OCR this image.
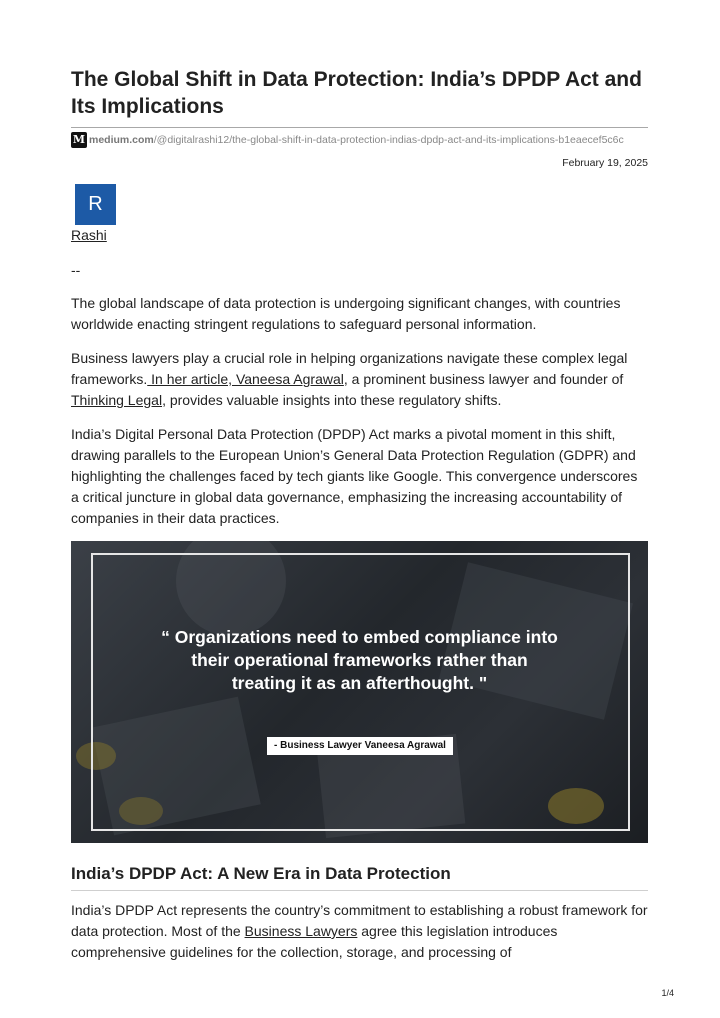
The Global Shift in Data Protection: India’s DPDP Act and Its Implications
M medium.com /@digitalrashi12/the-global-shift-in-data-protection-indias-dpdp-act-and-its-implications-b1eaecef5c6c
February 19, 2025
R
Rashi
--

The global landscape of data protection is undergoing significant changes, with countries worldwide enacting stringent regulations to safeguard personal information.

Business lawyers play a crucial role in helping organizations navigate these complex legal frameworks. In her article, Vaneesa Agrawal, a prominent business lawyer and founder of Thinking Legal, provides valuable insights into these regulatory shifts.

India’s Digital Personal Data Protection (DPDP) Act marks a pivotal moment in this shift, drawing parallels to the European Union’s General Data Protection Regulation (GDPR) and highlighting the challenges faced by tech giants like Google. This convergence underscores a critical juncture in global data governance, emphasizing the increasing accountability of companies in their data practices.

“ Organizations need to embed compliance into
their operational frameworks rather than
treating it as an afterthought. "
- Business Lawyer Vaneesa Agrawal
India’s DPDP Act: A New Era in Data Protection

India’s DPDP Act represents the country’s commitment to establishing a robust framework for data protection. Most of the Business Lawyers agree this legislation introduces comprehensive guidelines for the collection, storage, and processing of

1/4
